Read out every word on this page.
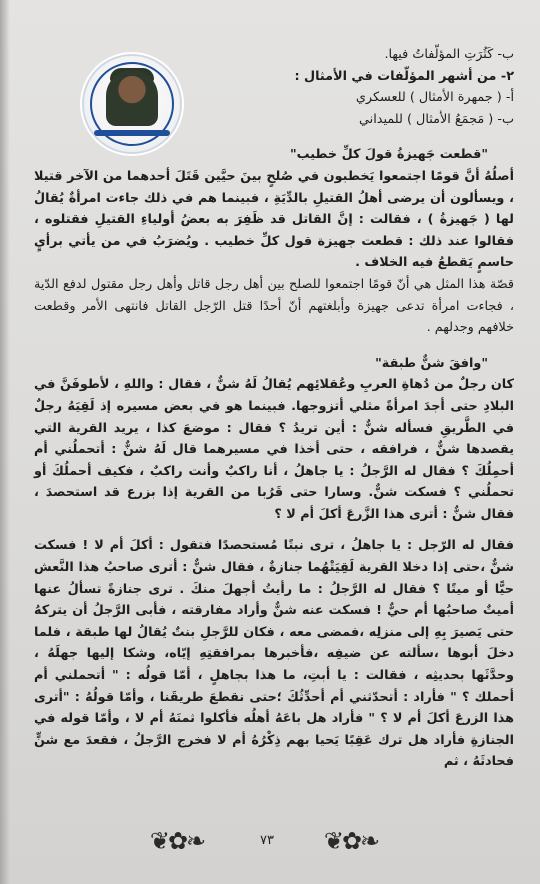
ب- كَثُرَتِ المؤلّفاتُ فيها.

٢- من أشهر المؤلّفات في الأمثال :

أ- ( جمهرة الأمثال ) للعسكري

ب- ( مَجمَعُ الأمثال ) للميداني

"قطعت جَهيزةُ قولَ كلِّ خطيب"

أصلُهُ أنَّ قومًا اجتمعوا يَخطبون في صُلحٍ بينَ حيَّين قَتَلَ أحدهما من الآخر قتيلا ، ويسألون أن يرضى أهلُ القتيلِ بالدِّيَةِ ، فبينما هم في ذلك جاءت امرأةٌ يُقالُ لها ( جَهيزةُ ) ، فقالت : إنَّ القاتل قد ظَفِرَ به بعضُ أولياءِ القتيلِ فقتلوه ، فقالوا عند ذلك : قطعت جهيزة قول كلِّ خطيب . ويُضرَبُ في من يأتي برأيٍ حاسمٍ يَقطعُ فيه الخلاف .

قصّة هذا المثل هي أنّ قومًا اجتمعوا للصلح بين أهل رجل قاتل وأهل رجل مقتول لدفع الدّية ، فجاءت امرأة تدعى جهيزة وأبلغتهم أنّ أحدًا قتل الرّجل القاتل فانتهى الأمر وقطعت خلافهم وجدلهم .

"وافقَ شنٌّ طبقة"

كان رجلٌ من دُهاةِ العربِ وعُقلائِهم يُقالُ لَهُ شنٌّ ، فقال : واللهِ ، لأطوفَنَّ في البلادِ حتى أجدَ امرأةً مثلي أتزوجها. فبينما هو في بعض مسيره إذ لَقِيَهُ رجلٌ في الطَّريقِ فسأله شنٌّ : أين تريدُ ؟ فقال : موضعَ كذا ، يريد القرية التي يقصدها شنٌّ ، فرافقه ، حتى أخذا في مسيرهما قال لَهُ شنٌّ : أتحملُني أم أحمِلُكَ ؟ فقال له الرَّجلُ : يا جاهلُ ، أنا راكبٌ وأنت راكبٌ ، فكيف أحملُكَ أو تحملُني ؟ فسكت شنٌّ. وسارا حتى قَرُبا من القرية إذا بزرع قد استحصدَ ، فقال شنٌّ : أترى هذا الزَّرعَ أكلَ أم لا ؟

فقال له الرّجل : يا جاهلُ ، ترى نبتًا مُستحصدًا فتقول : أكلَ أم لا ! فسكت شنٌّ ،حتى إذا دخلا القرية لَقِيَتْهُما جنازةٌ ، فقال شنٌّ : أترى صاحبُ هذا النَّعش حيًّا أو ميتًا ؟ فقال له الرَّجلُ : ما رأيتُ أجهلَ منكَ . ترى جنازةً تسألُ عنها أميتٌ صاحبُها أم حيٌّ ! فسكت عنه شنٌّ وأراد مفارقته ، فأبى الرَّجلُ أن يتركهُ حتى يَصيرَ بِهِ إلى منزلِه ،فمضى معه ، فكان للرَّجلِ بنتٌ يُقالُ لها طبقة ، فلما دخلَ أبوها ،سألته عن ضيفِه ،فأخبرها بمرافقتِهِ إيّاه، وشكا إليها جهلَهُ ، وحدَّثَها بحديثِه ، فقالت : يا أبتِ، ما هذا بجاهلٍ ، أمّا قولُه : " أتحملني أم أحملك ؟ " فأراد : أتحدّثني أم أحدِّثُكَ ؛حتى نقطعَ طريقَنا ، وأمّا قولُهُ : "أترى هذا الزرعَ أكلَ أم لا ؟ " فأراد هل باعَهُ أهلُه فأكلوا ثمنَهُ أم لا ، وأمّا قوله في الجنازةِ فأراد هل ترك عَقِبًا يَحيا بهم ذِكْرُهُ أم لا فخرج الرَّجلُ ، فقعدَ مع شنٍّ فحادثَهُ ، ثم

❦✿❧	٧٣	❦✿❧
